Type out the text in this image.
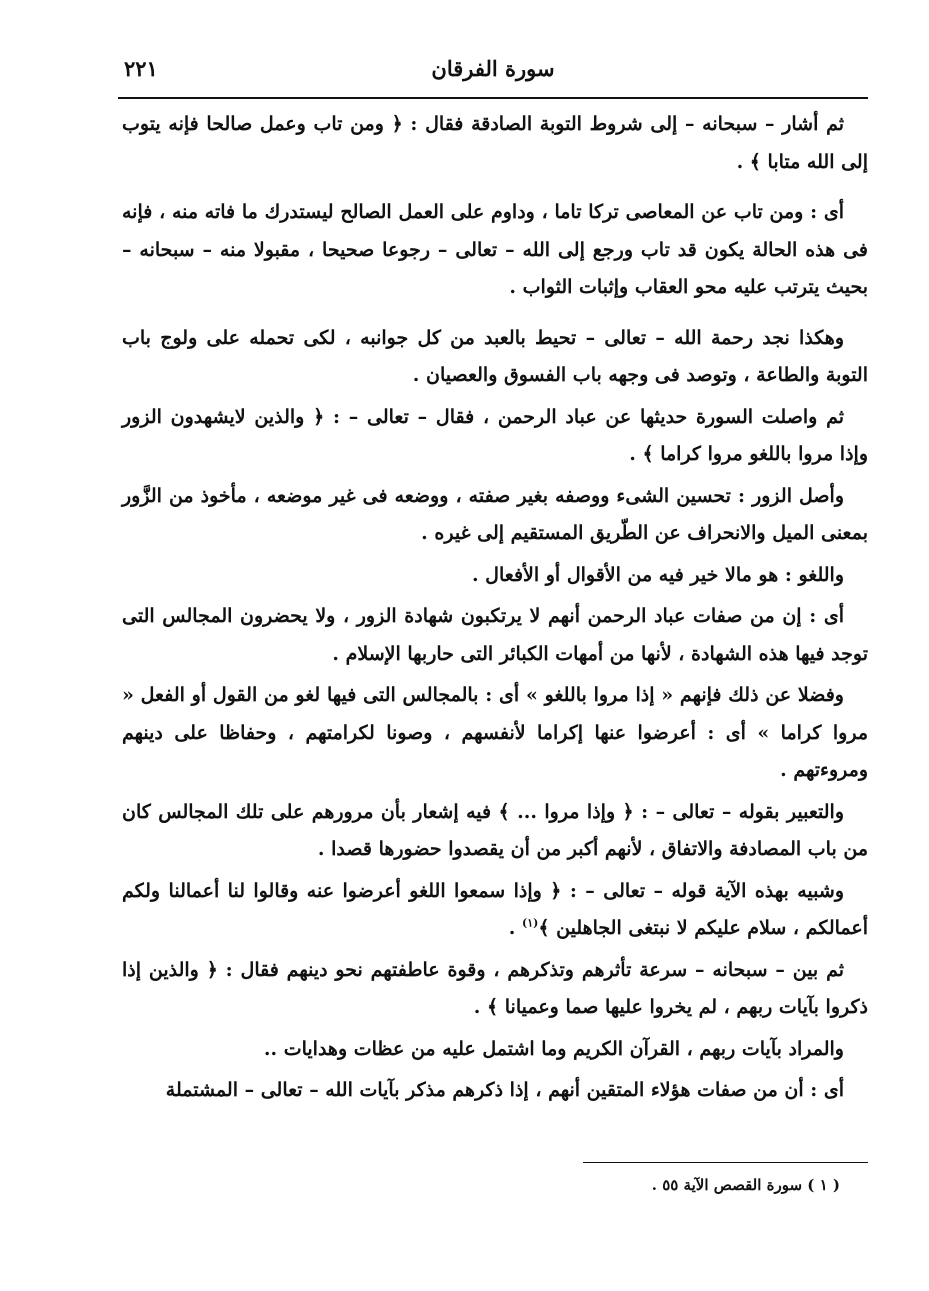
سورة الفرقان
٢٢١

ثم أشار – سبحانه – إلى شروط التوبة الصادقة فقال : ﴿ ومن تاب وعمل صالحا فإنه يتوب إلى الله متابا ﴾ .

أى : ومن تاب عن المعاصى تركا تاما ، وداوم على العمل الصالح ليستدرك ما فاته منه ، فإنه فى هذه الحالة يكون قد تاب ورجع إلى الله – تعالى – رجوعا صحيحا ، مقبولا منه – سبحانه – بحيث يترتب عليه محو العقاب وإثبات الثواب .

وهكذا نجد رحمة الله – تعالى – تحيط بالعبد من كل جوانبه ، لكى تحمله على ولوج باب التوبة والطاعة ، وتوصد فى وجهه باب الفسوق والعصيان .

ثم واصلت السورة حديثها عن عباد الرحمن ، فقال – تعالى – : ﴿ والذين لايشهدون الزور وإذا مروا باللغو مروا كراما ﴾ .

وأصل الزور : تحسين الشىء ووصفه بغير صفته ، ووضعه فى غير موضعه ، مأخوذ من الزَّور بمعنى الميل والانحراف عن الطّريق المستقيم إلى غيره .

واللغو : هو مالا خير فيه من الأقوال أو الأفعال .

أى : إن من صفات عباد الرحمن أنهم لا يرتكبون شهادة الزور ، ولا يحضرون المجالس التى توجد فيها هذه الشهادة ، لأنها من أمهات الكبائر التى حاربها الإسلام .

وفضلا عن ذلك فإنهم « إذا مروا باللغو » أى : بالمجالس التى فيها لغو من القول أو الفعل « مروا كراما » أى : أعرضوا عنها إكراما لأنفسهم ، وصونا لكرامتهم ، وحفاظا على دينهم ومروءتهم .

والتعبير بقوله – تعالى – : ﴿ وإذا مروا ... ﴾ فيه إشعار بأن مرورهم على تلك المجالس كان من باب المصادفة والاتفاق ، لأنهم أكبر من أن يقصدوا حضورها قصدا .

وشبيه بهذه الآية قوله – تعالى – : ﴿ وإذا سمعوا اللغو أعرضوا عنه وقالوا لنا أعمالنا ولكم أعمالكم ، سلام عليكم لا نبتغى الجاهلين ﴾$^{(١)}$ .

ثم بين – سبحانه – سرعة تأثرهم وتذكرهم ، وقوة عاطفتهم نحو دينهم فقال : ﴿ والذين إذا ذكروا بآيات ربهم ، لم يخروا عليها صما وعميانا ﴾ .

والمراد بآيات ربهم ، القرآن الكريم وما اشتمل عليه من عظات وهدايات ..

أى : أن من صفات هؤلاء المتقين أنهم ، إذا ذكرهم مذكر بآيات الله – تعالى – المشتملة

( ١ ) سورة القصص الآية ٥٥ .
